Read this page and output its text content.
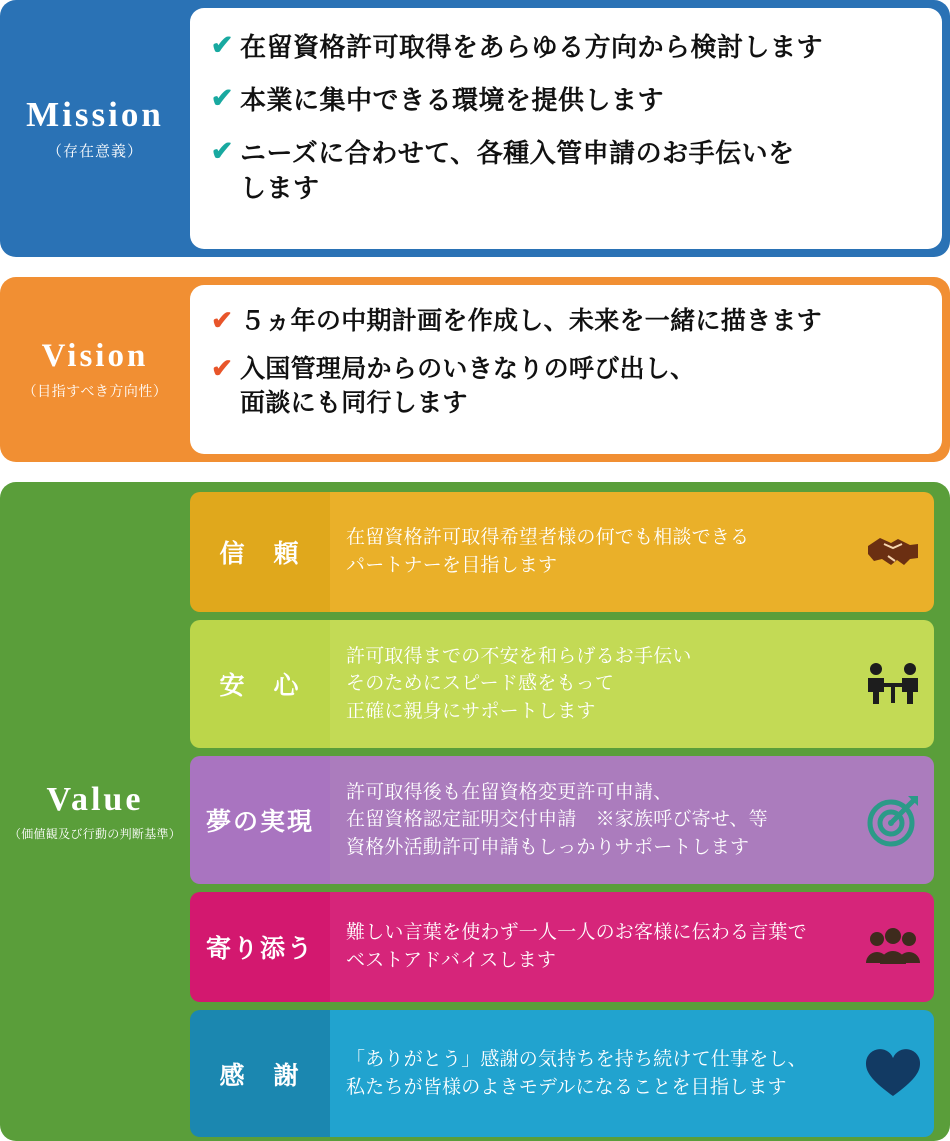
Mission
（存在意義）
✔ 在留資格許可取得をあらゆる方向から検討します
✔ 本業に集中できる環境を提供します
✔ ニーズに合わせて、各種入管申請のお手伝いを
します
Vision
（目指すべき方向性）
✔ ５ヵ年の中期計画を作成し、未来を一緒に描きます
✔ 入国管理局からのいきなりの呼び出し、
面談にも同行します
Value
（価値観及び行動の判断基準）
信　頼
在留資格許可取得希望者様の何でも相談できる
パートナーを目指します
安　心
許可取得までの不安を和らげるお手伝い
そのためにスピード感をもって
正確に親身にサポートします
夢の実現
許可取得後も在留資格変更許可申請、
在留資格認定証明交付申請　※家族呼び寄せ、等
資格外活動許可申請もしっかりサポートします
寄り添う
難しい言葉を使わず一人一人のお客様に伝わる言葉で
ベストアドバイスします
感　謝
「ありがとう」感謝の気持ちを持ち続けて仕事をし、
私たちが皆様のよきモデルになることを目指します
